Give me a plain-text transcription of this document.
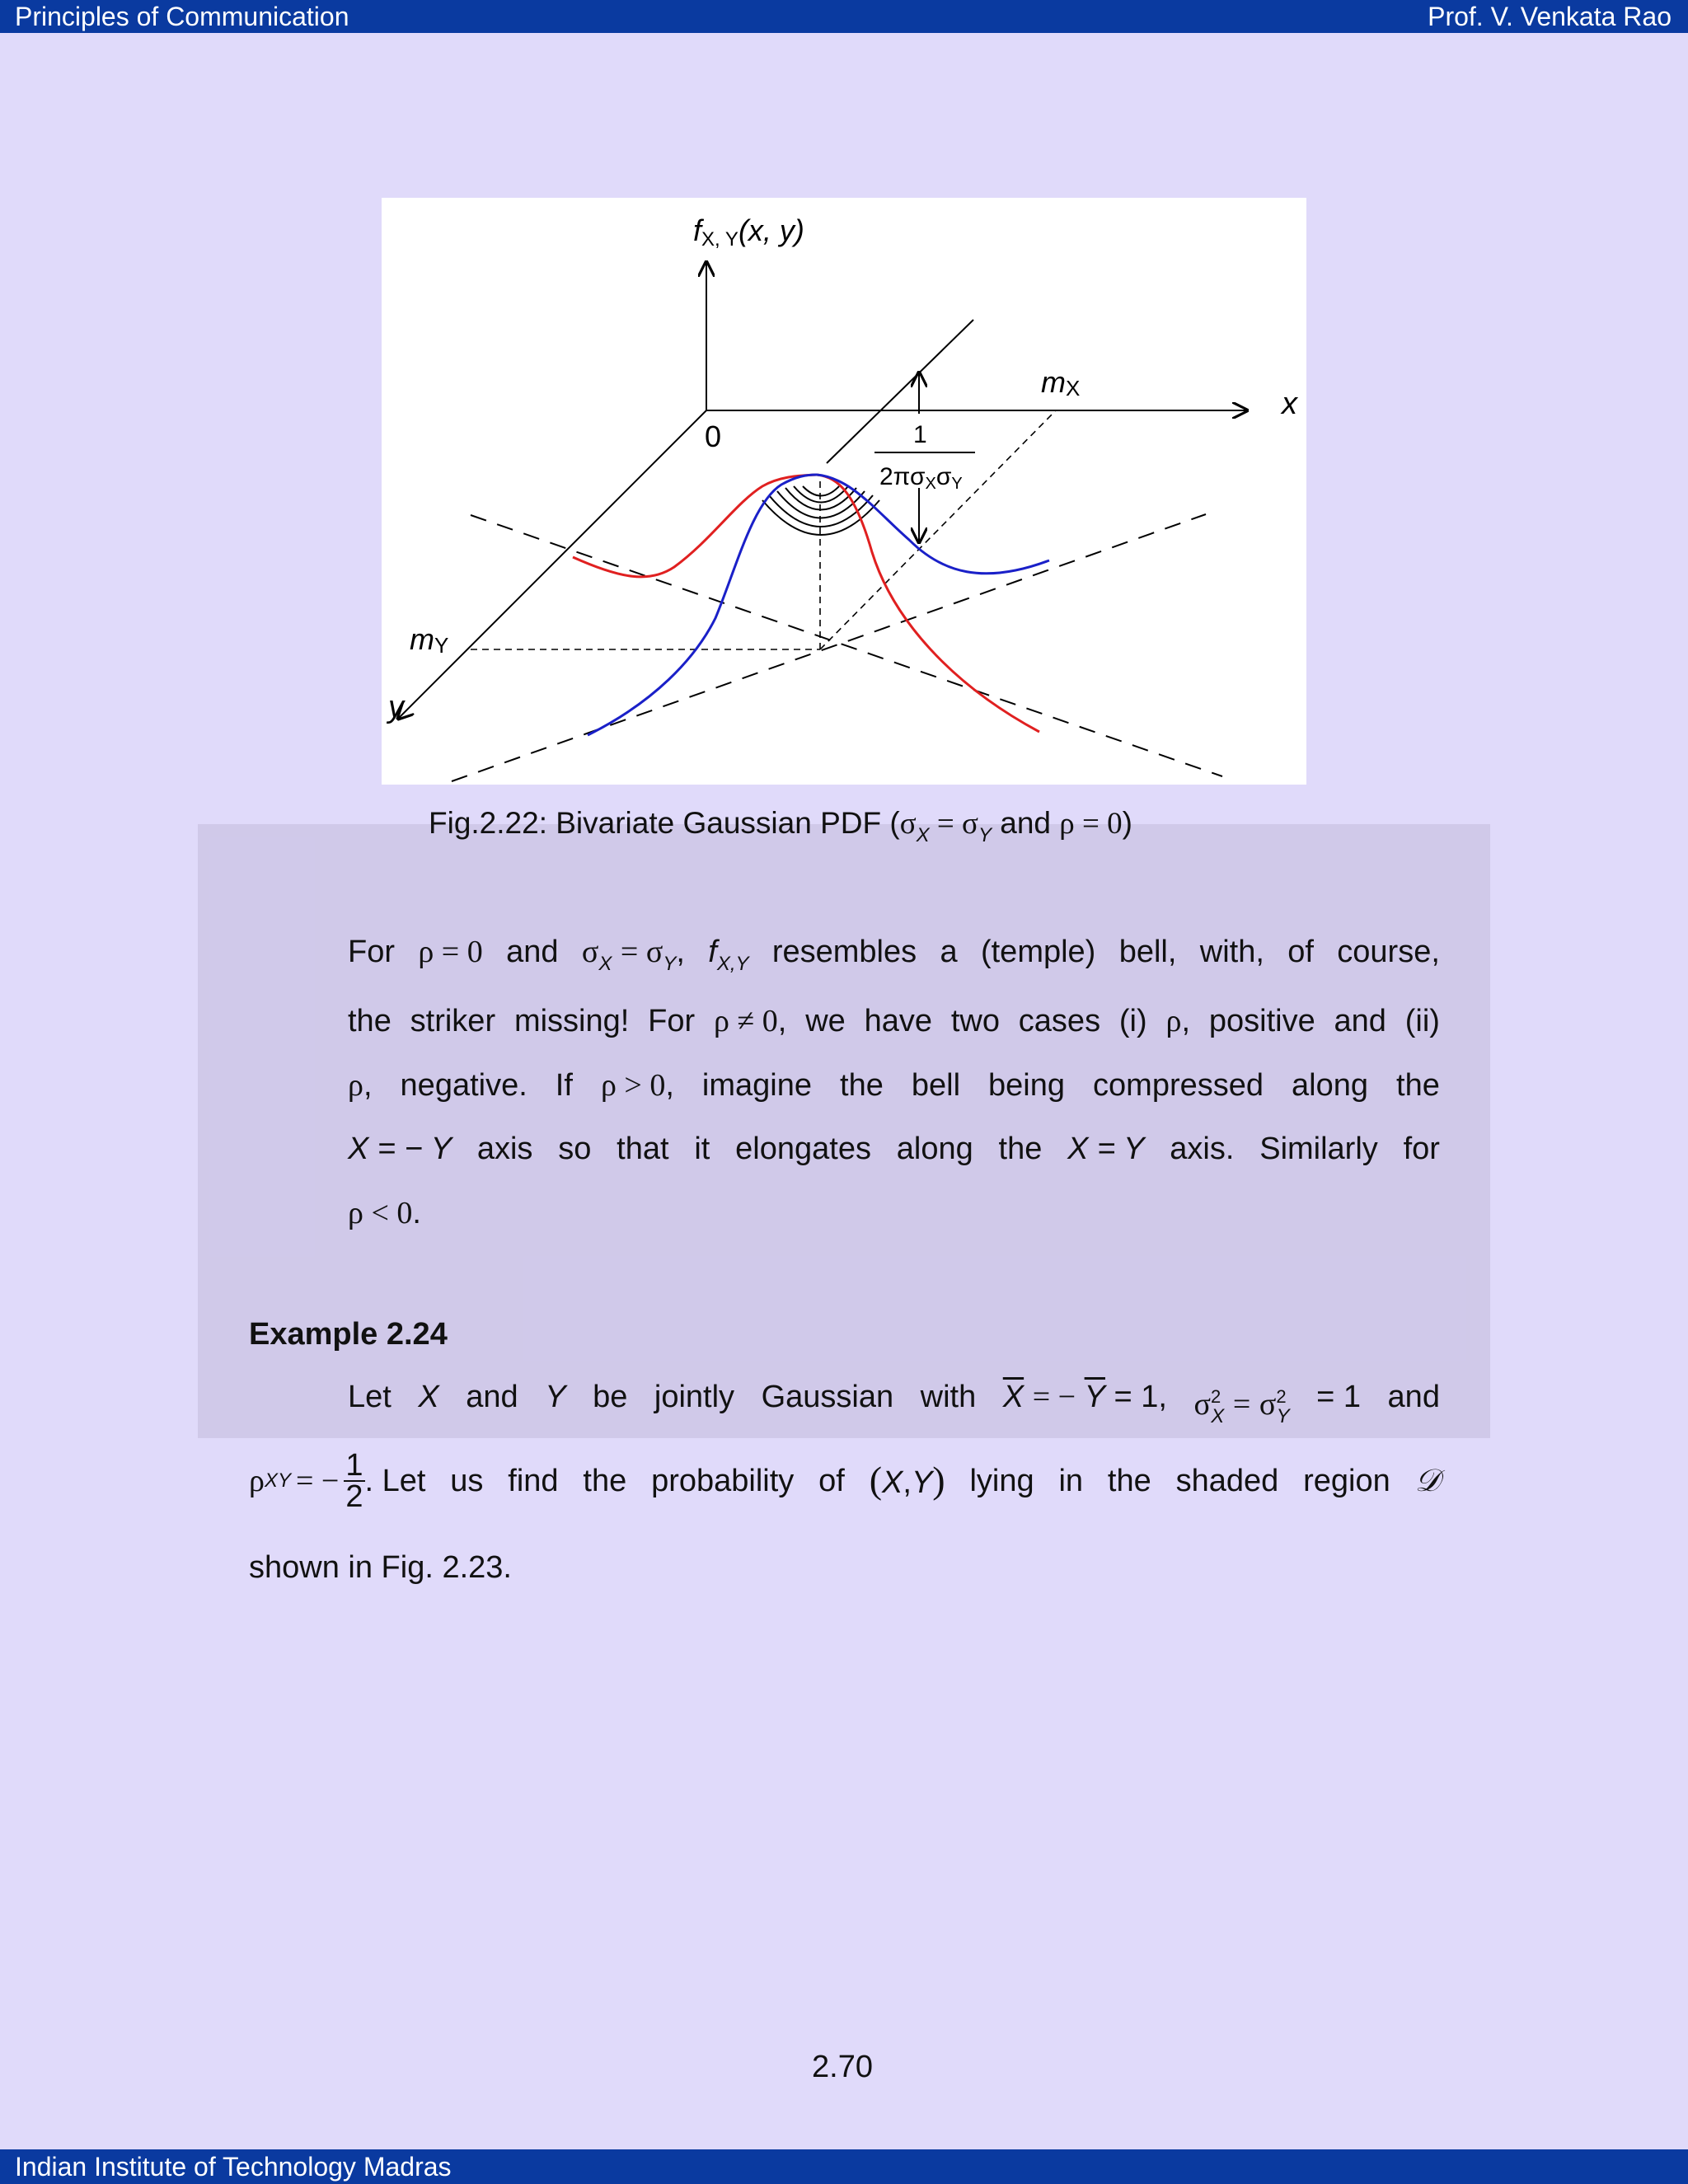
Principles of Communication	Prof. V. Venkata Rao
fX, Y(x, y)
x
y
0
mX
mY
1
2πσXσY
Fig.2.22: Bivariate Gaussian PDF ($\sigma_X = \sigma_Y$ and ρ = 0)
For ρ = 0 and $\sigma_X = \sigma_Y$, $f_{X,Y}$ resembles a (temple) bell, with, of course,
the striker missing! For ρ ≠ 0, we have two cases (i) ρ, positive and (ii)
ρ, negative. If ρ > 0, imagine the bell being compressed along the
X = − Y axis so that it elongates along the X = Y axis. Similarly for
ρ < 0.
Example 2.24
Let X and Y be jointly Gaussian with $\overline{X}$ = − $\overline{Y} = 1$, $\sigma^2_X = \sigma^2_Y$
= 1 and
ρ XY = − $\frac{1}{2}$ . Let us find the probability of (X,Y) lying in the shaded region 𝒟
shown in Fig. 2.23.
2.70
Indian Institute of Technology Madras
